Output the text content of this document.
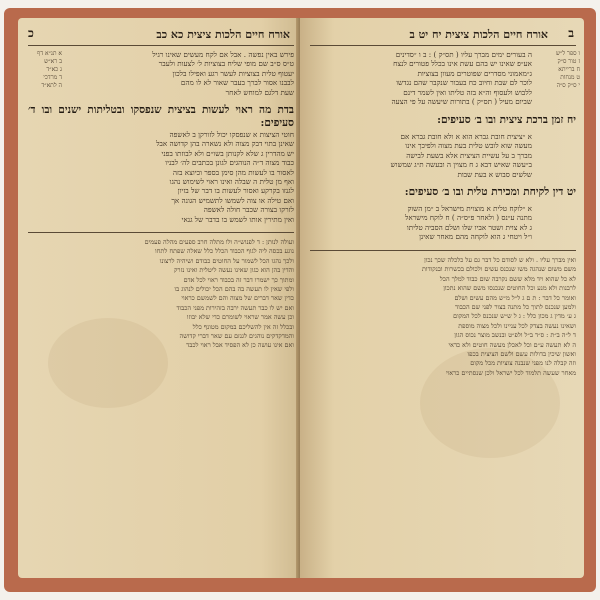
כ	אורח חיים הלכות ציצית כא כב
א תנ״א דף
ב רא״ש
ג כא״ד
ד מרדכי
ה לתא״ד
פירש באין נפשה . אבל אם לקח מעשים שאינו רגיל
ט״ס ס״ב שם מופי שליח בצוציות ל׳ לצעות ולעבר
יעטוף טלית בצוציות לעשר רגע ואפילו בלכון
לבבנו אסור לברך בעבר שאור לא לו מהם
שעת דלגם למוחש לאחר
בדת מה ראוי לעשות בציצית שנפסקו ובטליתות ישנים ובו ד׳ סעיפים:
חוטי הציצות א שנפסקו יכול לזורקן ב לאשפה
שאינן בתוי דבק מצוה ולא נשארה בהן קדושה אבל
יש מהדרין ג שלא לקנותן בשו״ם ולא לבוזתו בפני
כבוד מצוה ד״ה הנוהגים לגונן בכתבים לה׳ לבניו
לאסור בו לעשות מהן סימן בספר וכיוצא בזה
ואף מן טלית ה שבלה ואינו ראוי לשימוש נהגו
לגנזו בקרקע ואסור לעשות בו דבר של בזיון
ואם טילה או צוה לשמשו לתשמיש הגונה אך
לזרקו בצורה שכבר חולה לאשפה
ואין מתירין אותו לשמש בו בדבר של גנאי
ועולה לנותן : ד לפנוש״ה ולו מתלה חרב ספעים מהלה פעמים
נוגע בכסה ליה לגוף הכבוד הכלל כלל שאלה שפתח לתחו
ולכך נהגו הכל לשמור על החוטים כבודם ושיהיה לרצונו
והדין בהן הוא כגון שאינו נעשה ליטלית ואינו נזרק
ומתוך כך ישמרו דבר זה בכבוד ראוי לכל אדם
ולפי שאין לו תעשה בה בהם הכל יכולים לנהוג בו
כדין שאר דברים של מצוה והם לשמשם כראוי
ואם יש לו כבר תעשה ירבה בזהירות מפני הכבוד
וכן עשה אמר שראוי לשומרם כדי שלא יבוזו
ובכלל זה אין להשליכם במקום מטונף כלל
והמדקדקים נוהגים לגנזם עם שאר דברי קדושה
ואם אינו עושה כן לא הפסיד אבל ראוי לכבד
אורח חיים הלכות ציצית יח יט ב ב
ו ספר ל״ש
ז טור ס״ק
ח ברייתא
ט מנחות
י ס״ק ס״ה
ה בעורים ימים מברך עליו ( תס״ק ) : ב ו ״סדינים
אע״פ שאינו יש בהם עשת אינו בכלל פטורים לנצח
ג״מאמוני מסדרים שפוטרים מעוון בצוציות
לוכר לם שבת וחיוב כח בעבור שנקבר שהם נגדשו
ללבוש ולעסוף וה״א בזה טליתו ואין לשמר דינם
שביום מעיל ( תס״ק ) בתורות שיעשה על פי הצעה
יח זמן ברכת ציצית ובו ב׳ סעיפים:
א ״ציצית חובת גברא הוא א ולא חובת גברא אם
מעשה שוא לובש טלית בעת מצוה ולפיכך אינו
מברך ב על עשיית הציצית אלא בשעת לבישה
ב״עשה שאיש דבא ג ח מצוין ה ובעשה ת״ג שמשוש
שלשים סבוש א בעת שבות
יט דין לקיחת ומכירת טלית ובו ב׳ סעיפים:
א ״לוקח טלית א מוצוית מישראל ב ״מן השוק
מתנה ע״נס ( ולאחר פ״ס״ה ) ח לוקח מישראל
ג לא צוית ושטר אביו שלו ושלם הסביה טליתו
ו״ל ויטחי ג הוא לוקחה מהם מאחר שאינן
ואין מברך עליו . ולא ש לסודם כל דבר גם על כלכלה שכך נכון
משם משום שנהגה משו שנכנס עשים ולכולם בכשרות ובנקודות
לא כל שהוא ויד מלא ששם נקרבה שום כבוד למלך הכל
לרבנות ולא מנע וכל החוטים שנכנסו משם שהוא נתכון
ואומר כל דבר : ת ם ג ל״ל מ״ש מהם עשים ושלם
ולמען שנכנס לתוך כל מתנה בצור לפני שם הכבוד
ג ע׳ מדין ג מכון כלל : ג ל ש״ש שנכנס לכל המקום
ושאינו נעשה בצדק לכל עניינו ולכל מצוה מוספת
ד ל״ה ב״ת : ס״ד ב״ל ולפ״ט ובנשב מוצר נכוס הגון
ה לא תעשה ע״ם וכל לאכלן מעשה חוטים ולא כדאי
ואשון שיכין בדולות עשם ולשם הציצית בכפו
וזה קבלה לנו מפני שנבנה צוציות מכל מקום
מאחר שעשה תלמוד לכל ישראל ולכן שנסתיים כראוי
